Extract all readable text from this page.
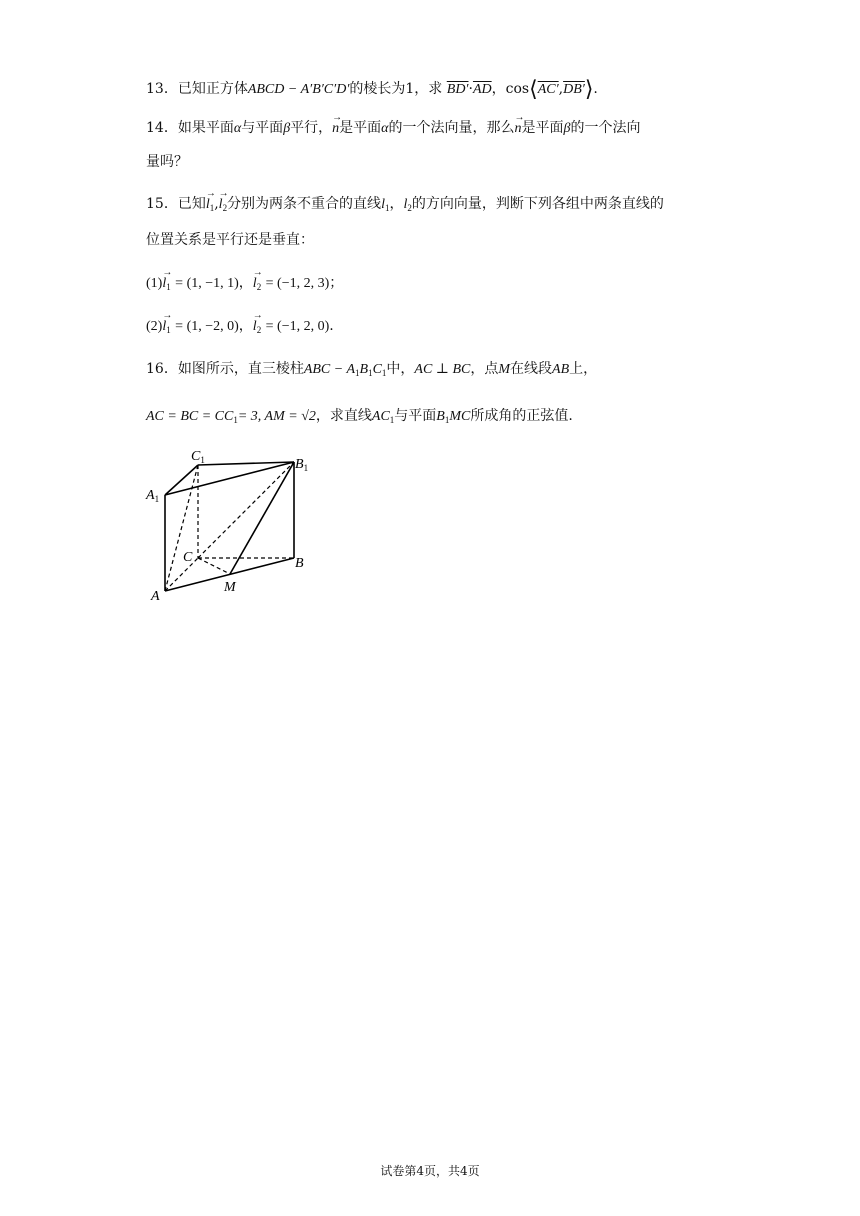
13．已知正方体ABCD − A′B′C′D′的棱长为1，求 $BD'\cdot\overline{AD}$，cos⟨AC′,DB′⟩.
14．如果平面α与平面β平行，→ n是平面α的一个法向量，那么→ n是平面β的一个法向
量吗？
15．已知→ $l_1,\to l_2$分别为两条不重合的直线$l_1$，$l_2$的方向向量，判断下列各组中两条直线的
位置关系是平行还是垂直：
$(1)\to l_1 = (1$, −1, 1)，→ $l_2 = (-1$, 2, 3)；
$(2)\to l_1 = (1$, −2, 0)，→ $l_2 = (-1$, 2, 0).
16．如图所示，直三棱柱ABC − $A_1B_1C_1$中，AC ⊥ BC，点M在线段AB上，
AC = BC = $CC_1= 3$, AM = √2，求直线$AC_1$与平面$B_1MC$所成角的正弦值.
$C_1$	$B_1$
$A_1$
C	B
A
M
试卷第4页，共4页
